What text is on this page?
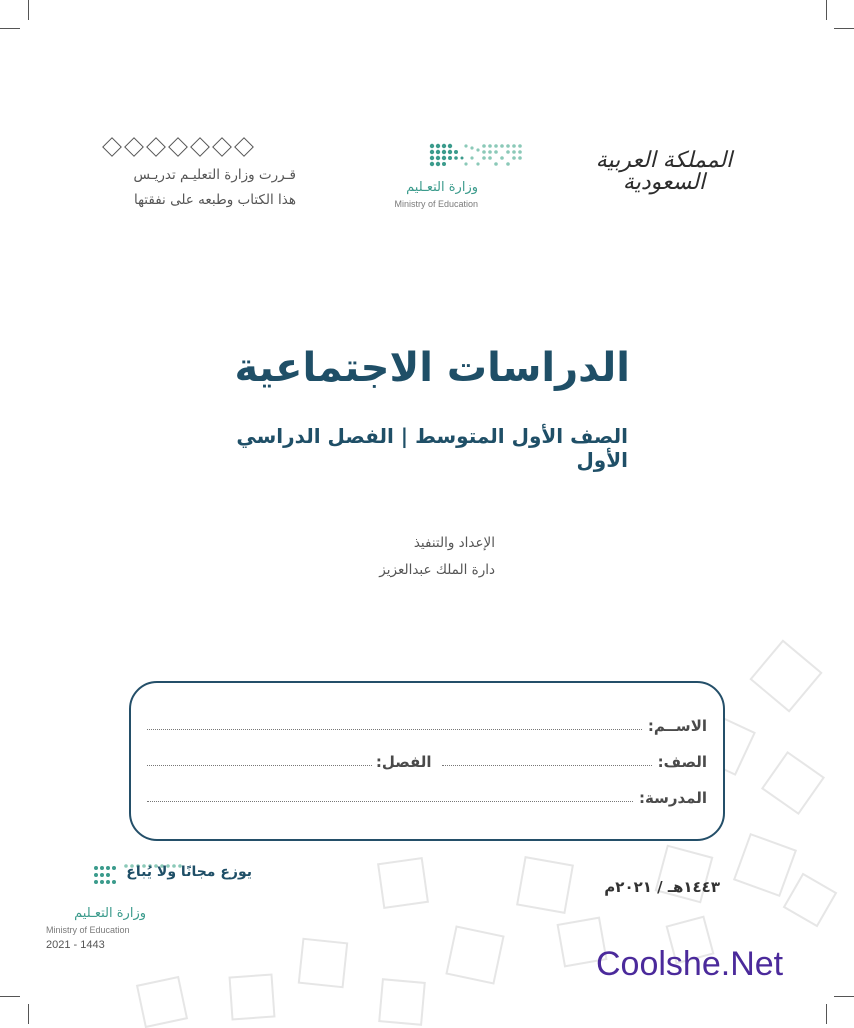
المملكة العربية السعودية
وزارة التعـليم
Ministry of Education
قـررت وزارة التعليـم تدريـس
هذا الكتاب وطبعه على نفقتها
الدراسات الاجتماعية
الصف الأول المتوسط | الفصل الدراسي الأول
الإعداد والتنفيذ
دارة الملك عبدالعزيز
الاســم:
الصف:
الفصل:
المدرسة:
يوزع مجانًا ولا يُباع
وزارة التعـليم
Ministry of Education
2021 - 1443
١٤٤٣هـ / ٢٠٢١م
Coolshe.Net
